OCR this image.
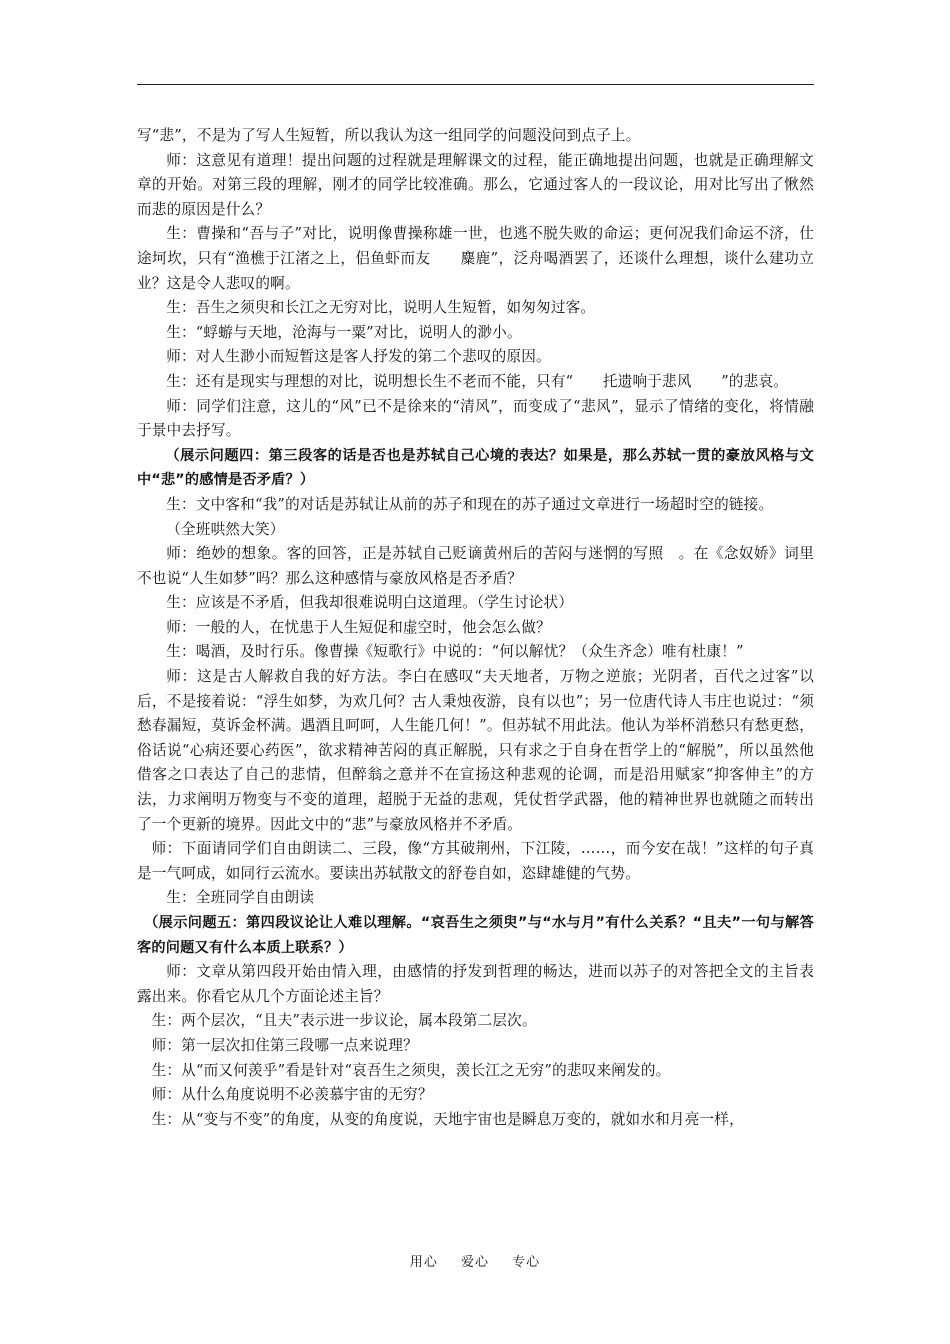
写“悲”，不是为了写人生短暂，所以我认为这一组同学的问题没问到点子上。

师：这意见有道理！提出问题的过程就是理解课文的过程，能正确地提出问题，也就是正确理解文章的开始。对第三段的理解，刚才的同学比较准确。那么，它通过客人的一段议论，用对比写出了愀然而悲的原因是什么？

生：曹操和“吾与子”对比，说明像曹操称雄一世，也逃不脱失败的命运；更何况我们命运不济，仕途坷坎，只有“渔樵于江渚之上，侣鱼虾而友　　麋鹿”，泛舟喝酒罢了，还谈什么理想，谈什么建功立业？这是令人悲叹的啊。

生：吾生之须臾和长江之无穷对比，说明人生短暂，如匆匆过客。

生：“蜉蝣与天地，沧海与一粟”对比，说明人的渺小。

师：对人生渺小而短暂这是客人抒发的第二个悲叹的原因。

生：还有是现实与理想的对比，说明想长生不老而不能，只有“　　托遗响于悲风　　”的悲哀。

师：同学们注意，这儿的“风”已不是徐来的“清风”，而变成了“悲风”，显示了情绪的变化，将情融于景中去抒写。

（展示问题四：第三段客的话是否也是苏轼自己心境的表达？如果是，那么苏轼一贯的豪放风格与文中“悲”的感情是否矛盾？）

生：文中客和“我”的对话是苏轼让从前的苏子和现在的苏子通过文章进行一场超时空的链接。

（全班哄然大笑）

师：绝妙的想象。客的回答，正是苏轼自己贬谪黄州后的苦闷与迷惘的写照　。在《念奴娇》词里不也说“人生如梦”吗？那么这种感情与豪放风格是否矛盾？

生：应该是不矛盾，但我却很难说明白这道理。（学生讨论状）

师：一般的人，在忧患于人生短促和虚空时，他会怎么做？

生：喝酒，及时行乐。像曹操《短歌行》中说的：“何以解忧？（众生齐念）唯有杜康！”

师：这是古人解救自我的好方法。李白在感叹“夫天地者，万物之逆旅；光阴者，百代之过客”以后，不是接着说：“浮生如梦，为欢几何？古人秉烛夜游，良有以也”；另一位唐代诗人韦庄也说过：“须愁春漏短，莫诉金杯满。遇酒且呵呵，人生能几何！”。但苏轼不用此法。他认为举杯消愁只有愁更愁，俗话说“心病还要心药医”，欲求精神苦闷的真正解脱，只有求之于自身在哲学上的“解脱”，所以虽然他借客之口表达了自己的悲情，但醉翁之意并不在宣扬这种悲观的论调，而是沿用赋家“抑客伸主”的方法，力求阐明万物变与不变的道理，超脱于无益的悲观，凭仗哲学武器，他的精神世界也就随之而转出了一个更新的境界。因此文中的“悲”与豪放风格并不矛盾。

师：下面请同学们自由朗读二、三段，像“方其破荆州，下江陵，……，而今安在哉！”这样的句子真是一气呵成，如同行云流水。要读出苏轼散文的舒卷自如，恣肆雄健的气势。

生：全班同学自由朗读

（展示问题五：第四段议论让人难以理解。“哀吾生之须臾”与“水与月”有什么关系？“且夫”一句与解答客的问题又有什么本质上联系？）

师：文章从第四段开始由情入理，由感情的抒发到哲理的畅达，进而以苏子的对答把全文的主旨表露出来。你看它从几个方面论述主旨？

生：两个层次，“且夫”表示进一步议论，属本段第二层次。

师：第一层次扣住第三段哪一点来说理？

生：从“而又何羡乎”看是针对“哀吾生之须臾，羡长江之无穷”的悲叹来阐发的。

师：从什么角度说明不必羡慕宇宙的无穷？

生：从“变与不变”的角度，从变的角度说，天地宇宙也是瞬息万变的，就如水和月亮一样，

用心 爱心 专心
